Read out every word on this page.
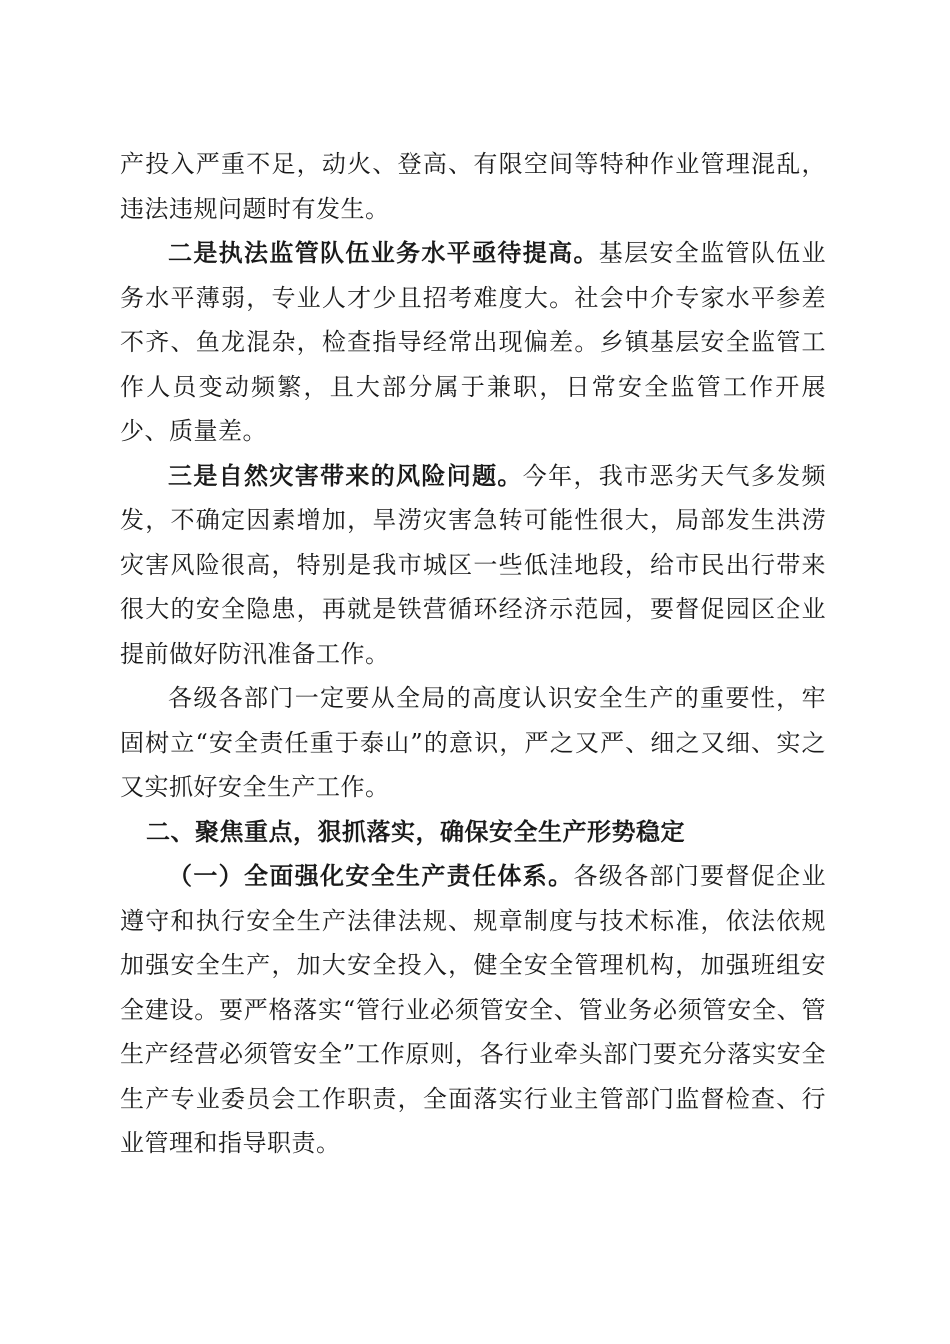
产投入严重不足，动火、登高、有限空间等特种作业管理混乱，违法违规问题时有发生。

二是执法监管队伍业务水平亟待提高。基层安全监管队伍业务水平薄弱，专业人才少且招考难度大。社会中介专家水平参差不齐、鱼龙混杂，检查指导经常出现偏差。乡镇基层安全监管工作人员变动频繁，且大部分属于兼职，日常安全监管工作开展少、质量差。

三是自然灾害带来的风险问题。今年，我市恶劣天气多发频发，不确定因素增加，旱涝灾害急转可能性很大，局部发生洪涝灾害风险很高，特别是我市城区一些低洼地段，给市民出行带来很大的安全隐患，再就是铁营循环经济示范园，要督促园区企业提前做好防汛准备工作。

各级各部门一定要从全局的高度认识安全生产的重要性，牢固树立“安全责任重于泰山”的意识，严之又严、细之又细、实之又实抓好安全生产工作。

二、聚焦重点，狠抓落实，确保安全生产形势稳定

（一）全面强化安全生产责任体系。各级各部门要督促企业遵守和执行安全生产法律法规、规章制度与技术标准，依法依规加强安全生产，加大安全投入，健全安全管理机构，加强班组安全建设。要严格落实“管行业必须管安全、管业务必须管安全、管生产经营必须管安全”工作原则，各行业牵头部门要充分落实安全生产专业委员会工作职责，全面落实行业主管部门监督检查、行业管理和指导职责。
